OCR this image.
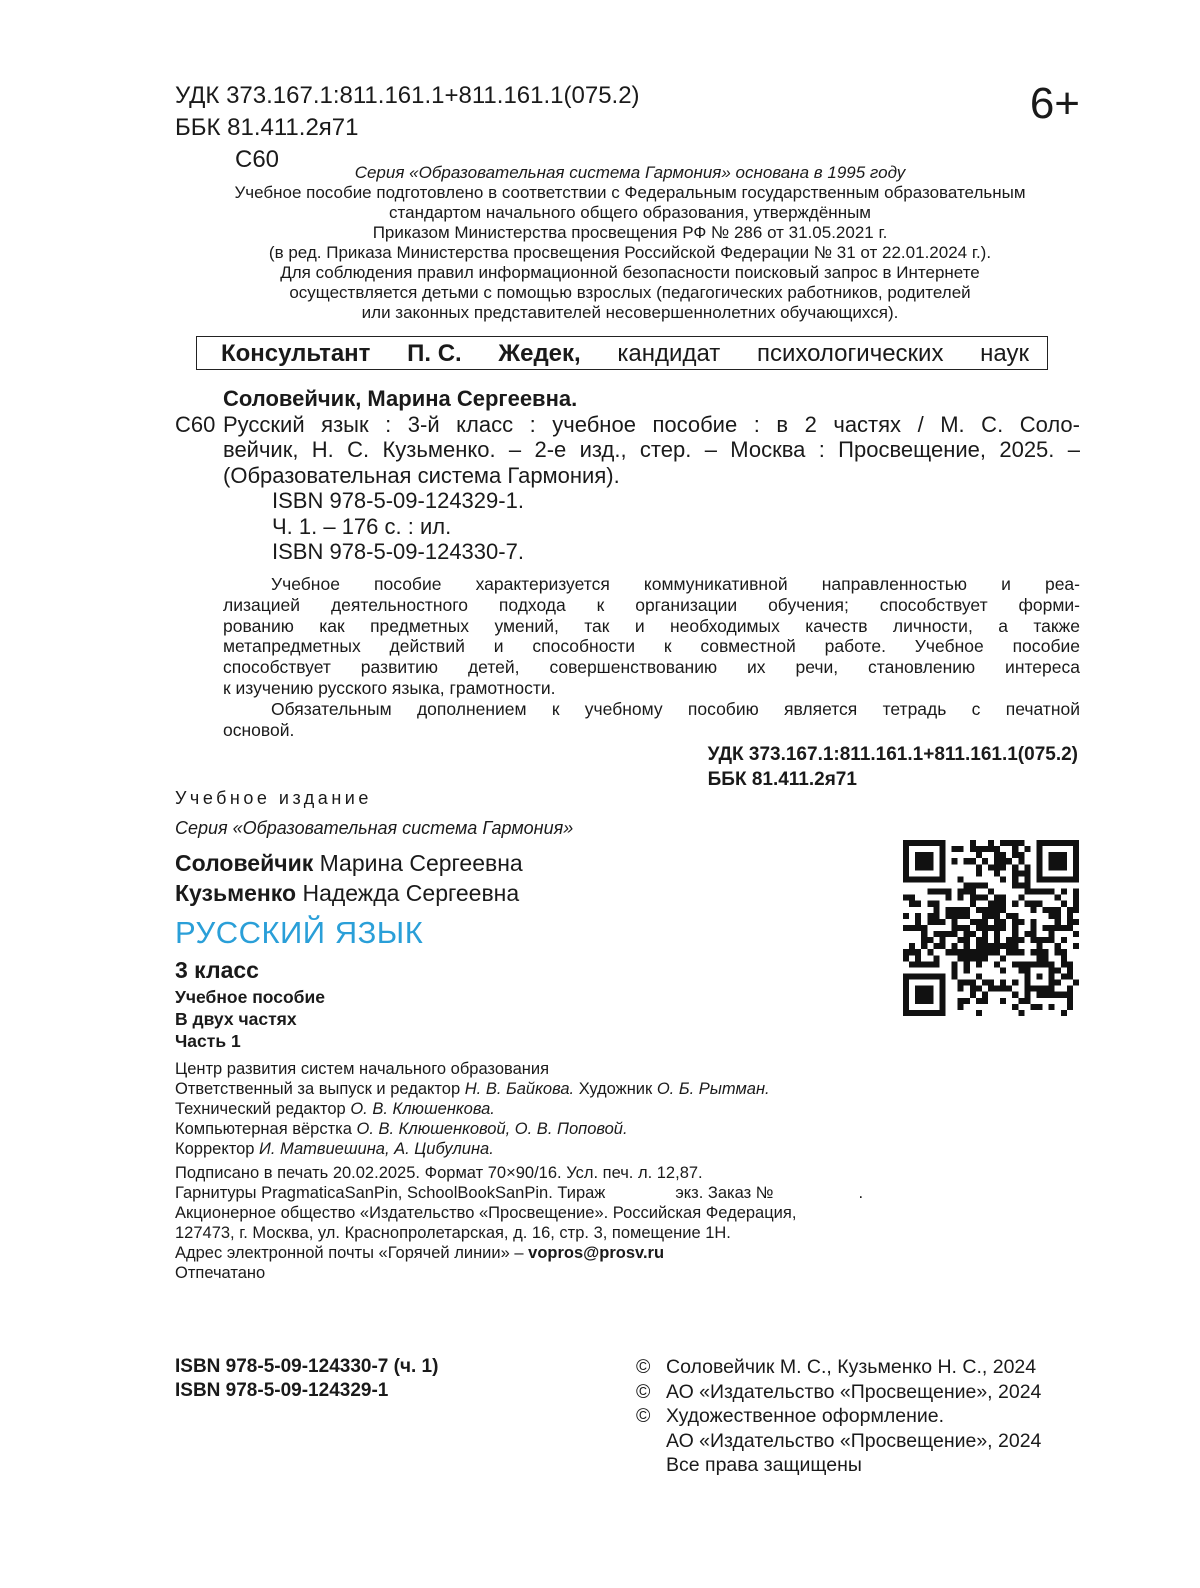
УДК 373.167.1:811.161.1+811.161.1(075.2)
ББК 81.411.2я71
С60
6+
Серия «Образовательная система Гармония» основана в 1995 году
Учебное пособие подготовлено в соответствии с Федеральным государственным образовательным
стандартом начального общего образования, утверждённым
Приказом Министерства просвещения РФ № 286 от 31.05.2021 г.
(в ред. Приказа Министерства просвещения Российской Федерации № 31 от 22.01.2024 г.).
Для соблюдения правил информационной безопасности поисковый запрос в Интернете
осуществляется детьми с помощью взрослых (педагогических работников, родителей
или законных представителей несовершеннолетних обучающихся).
Консультант П. С. Жедек, кандидат психологических наук
Соловейчик, Марина Сергеевна.
С60 Русский язык : 3-й класс : учебное пособие : в 2 частях / М. С. Соло-
вейчик, Н. С. Кузьменко. – 2-е изд., стер. – Москва : Просвещение, 2025. –
(Образовательная система Гармония).
ISBN 978-5-09-124329-1.
Ч. 1. – 176 с. : ил.
ISBN 978-5-09-124330-7.
Учебное пособие характеризуется коммуникативной направленностью и реа-
лизацией деятельностного подхода к организации обучения; способствует форми-
рованию как предметных умений, так и необходимых качеств личности, а также
метапредметных действий и способности к совместной работе. Учебное пособие
способствует развитию детей, совершенствованию их речи, становлению интереса
к изучению русского языка, грамотности.
Обязательным дополнением к учебному пособию является тетрадь с печатной
основой.
УДК 373.167.1:811.161.1+811.161.1(075.2)
ББК 81.411.2я71
Учебное издание
Серия «Образовательная система Гармония»
Соловейчик Марина Сергеевна
Кузьменко Надежда Сергеевна
РУССКИЙ ЯЗЫК
3 класс
Учебное пособие
В двух частях
Часть 1
Центр развития систем начального образования
Ответственный за выпуск и редактор Н. В. Байкова. Художник О. Б. Рытман.
Технический редактор О. В. Клюшенкова.
Компьютерная вёрстка О. В. Клюшенковой, О. В. Поповой.
Корректор И. Матвиешина, А. Цибулина.
Подписано в печать 20.02.2025. Формат 70×90/16. Усл. печ. л. 12,87.
Гарнитуры PragmaticaSanPin, SchoolBookSanPin. Тираж	экз. Заказ №	.
Акционерное общество «Издательство «Просвещение». Российская Федерация,
127473, г. Москва, ул. Краснопролетарская, д. 16, стр. 3, помещение 1Н.
Адрес электронной почты «Горячей линии» – vopros@prosv.ru
Отпечатано
ISBN 978-5-09-124330-7 (ч. 1)
ISBN 978-5-09-124329-1
© Соловейчик М. С., Кузьменко Н. С., 2024
© АО «Издательство «Просвещение», 2024
© Художественное оформление.
АО «Издательство «Просвещение», 2024
Все права защищены
